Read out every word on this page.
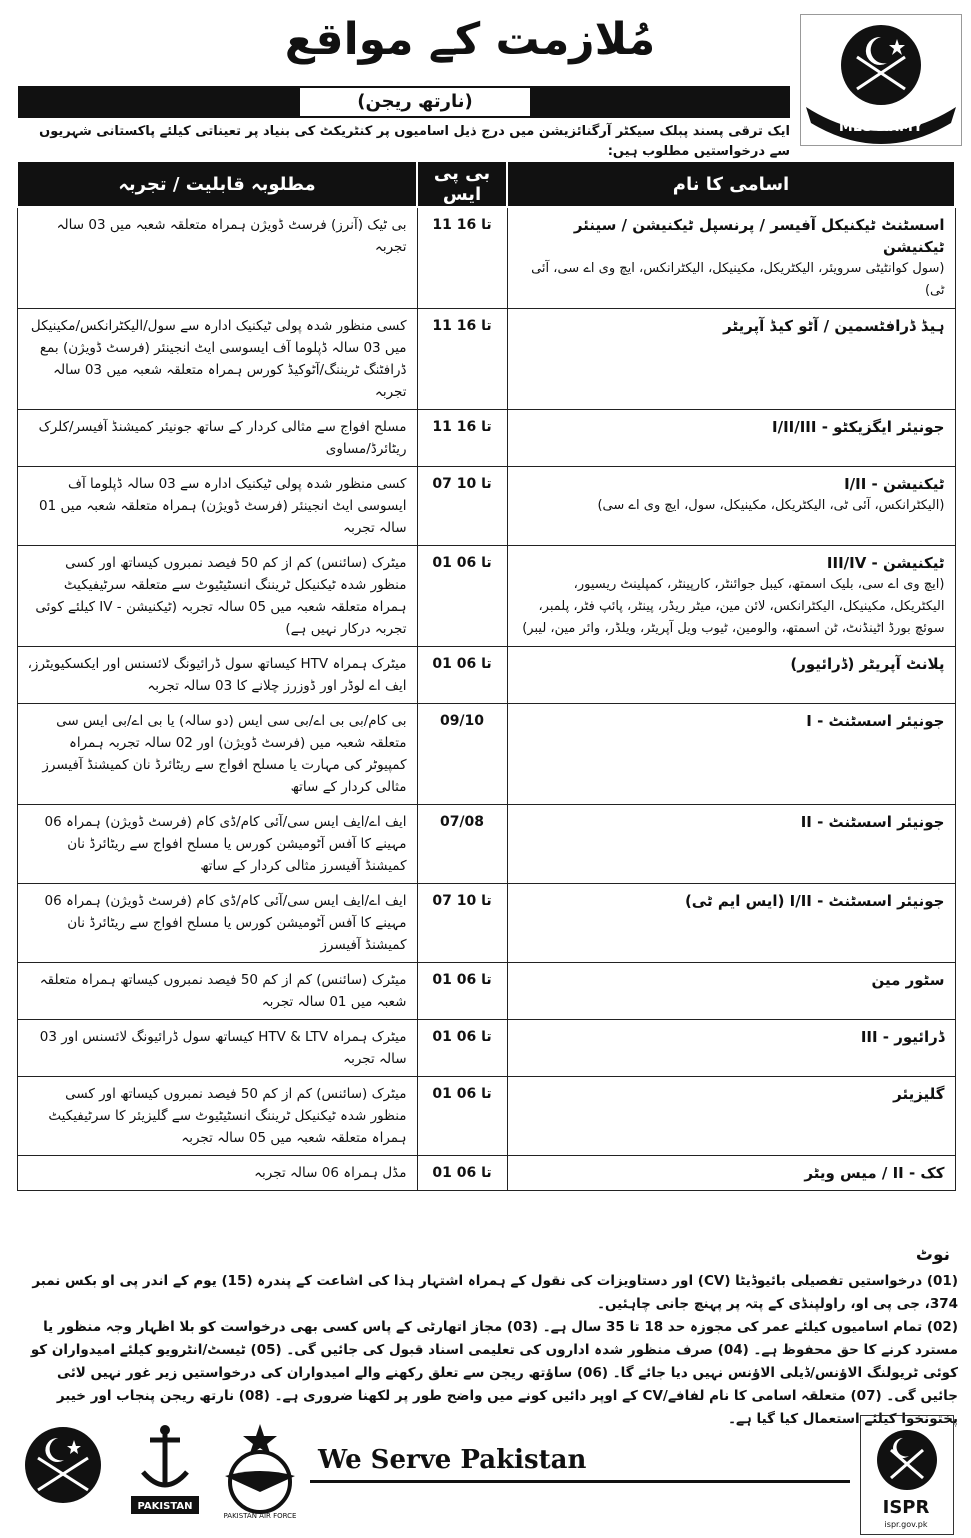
مُلازمت کے مواقع
(نارتھ ریجن)
ایک ترقی پسند پبلک سیکٹر آرگنائزیشن میں درج ذیل اسامیوں پر کنٹریکٹ کی بنیاد پر تعیناتی کیلئے پاکستانی شہریوں سے درخواستیں مطلوب ہیں:
MES ARMY
مطلوبہ قابلیت / تجربہ	بی پی ایس	اسامی کا نام
بی ٹیک (آنرز) فرسٹ ڈویژن ہمراہ متعلقہ شعبہ میں 03 سالہ تجربہ	11 تا 16	اسسٹنٹ ٹیکنیکل آفیسر / پرنسپل ٹیکنیشن / سینئر ٹیکنیشن
(سول کوانٹیٹی سرویئر، الیکٹریکل، مکینیکل، الیکٹرانکس، ایچ وی اے سی، آئی ٹی)

کسی منظور شدہ پولی ٹیکنیک ادارہ سے سول/الیکٹرانکس/مکینیکل میں 03 سالہ ڈپلوما آف ایسوسی ایٹ انجینئر (فرسٹ ڈویژن) بمع ڈرافٹنگ ٹریننگ/آٹوکیڈ کورس ہمراہ متعلقہ شعبہ میں 03 سالہ تجربہ	11 تا 16	ہیڈ ڈرافٹسمین / آٹو کیڈ آپریٹر
مسلح افواج سے مثالی کردار کے ساتھ جونیئر کمیشنڈ آفیسر/کلرک ریٹائرڈ/مساوی	11 تا 16	جونیئر ایگزیکٹو - I/II/III
کسی منظور شدہ پولی ٹیکنیک ادارہ سے 03 سالہ ڈپلوما آف ایسوسی ایٹ انجینئر (فرسٹ ڈویژن) ہمراہ متعلقہ شعبہ میں 01 سالہ تجربہ	07 تا 10	ٹیکنیشن - I/II
(الیکٹرانکس، آئی ٹی، الیکٹریکل، مکینیکل، سول، ایچ وی اے سی)

میٹرک (سائنس) کم از کم 50 فیصد نمبروں کیساتھ اور کسی منظور شدہ ٹیکنیکل ٹریننگ انسٹیٹیوٹ سے متعلقہ سرٹیفیکیٹ ہمراہ متعلقہ شعبہ میں 05 سالہ تجربہ (ٹیکنیشن - IV کیلئے کوئی تجربہ درکار نہیں ہے)	01 تا 06	ٹیکنیشن - III/IV
(ایچ وی اے سی، بلیک اسمتھ، کیبل جوائنٹر، کارپینٹر، کمپلینٹ ریسیور، الیکٹریکل، مکینیکل، الیکٹرانکس، لائن مین، میٹر ریڈر، پینٹر، پائپ فٹر، پلمبر، سوئچ بورڈ اٹینڈنٹ، ٹن اسمتھ، والومین، ٹیوب ویل آپریٹر، ویلڈر، وائر مین، لیبر)

میٹرک ہمراہ HTV کیساتھ سول ڈرائیونگ لائسنس اور ایکسکیویٹرز، ایف اے لوڈر اور ڈوزرز چلانے کا 03 سالہ تجربہ	01 تا 06	پلانٹ آپریٹر (ڈرائیور)
بی کام/بی بی اے/بی سی ایس (دو سالہ) یا بی اے/بی ایس سی متعلقہ شعبہ میں (فرسٹ ڈویژن) اور 02 سالہ تجربہ ہمراہ کمپیوٹر کی مہارت یا مسلح افواج سے ریٹائرڈ نان کمیشنڈ آفیسرز مثالی کردار کے ساتھ	09/10	جونیئر اسسٹنٹ - I
ایف اے/ایف ایس سی/آئی کام/ڈی کام (فرسٹ ڈویژن) ہمراہ 06 مہینے کا آفس آٹومیشن کورس یا مسلح افواج سے ریٹائرڈ نان کمیشنڈ آفیسرز مثالی کردار کے ساتھ	07/08	جونیئر اسسٹنٹ - II
ایف اے/ایف ایس سی/آئی کام/ڈی کام (فرسٹ ڈویژن) ہمراہ 06 مہینے کا آفس آٹومیشن کورس یا مسلح افواج سے ریٹائرڈ نان کمیشنڈ آفیسرز	07 تا 10	جونیئر اسسٹنٹ - I/II (ایس ایم ٹی)
میٹرک (سائنس) کم از کم 50 فیصد نمبروں کیساتھ ہمراہ متعلقہ شعبہ میں 01 سالہ تجربہ	01 تا 06	سٹور مین
میٹرک ہمراہ HTV & LTV کیساتھ سول ڈرائیونگ لائسنس اور 03 سالہ تجربہ	01 تا 06	ڈرائیور - III
میٹرک (سائنس) کم از کم 50 فیصد نمبروں کیساتھ اور کسی منظور شدہ ٹیکنیکل ٹریننگ انسٹیٹیوٹ سے گلیزیئر کا سرٹیفیکیٹ ہمراہ متعلقہ شعبہ میں 05 سالہ تجربہ	01 تا 06	گلیزیئر
مڈل ہمراہ 06 سالہ تجربہ	01 تا 06	کک - II / میس ویٹر
نوٹ

(01) درخواستیں تفصیلی بائیوڈیٹا (CV) اور دستاویزات کی نقول کے ہمراہ اشتہار ہذا کی اشاعت کے پندرہ (15) یوم کے اندر پی او بکس نمبر 374، جی پی او، راولپنڈی کے پتہ پر پہنچ جانی چاہئیں۔

(02) تمام اسامیوں کیلئے عمر کی مجوزہ حد 18 تا 35 سال ہے۔ (03) مجاز اتھارٹی کے پاس کسی بھی درخواست کو بلا اظہار وجہ منظور یا مسترد کرنے کا حق محفوظ ہے۔ (04) صرف منظور شدہ اداروں کی تعلیمی اسناد قبول کی جائیں گی۔ (05) ٹیسٹ/انٹرویو کیلئے امیدواران کو کوئی ٹریولنگ الاؤنس/ڈیلی الاؤنس نہیں دیا جائے گا۔ (06) ساؤتھ ریجن سے تعلق رکھنے والے امیدواران کی درخواستیں زیر غور نہیں لائی جائیں گی۔ (07) متعلقہ اسامی کا نام لفافے/CV کے اوپر دائیں کونے میں واضح طور پر لکھنا ضروری ہے۔ (08) نارتھ ریجن پنجاب اور خیبر پختونخوا کیلئے استعمال کیا گیا ہے۔

PAKISTAN
PAKISTAN AIR FORCE
We Serve Pakistan
ISPR
ispr.gov.pk
